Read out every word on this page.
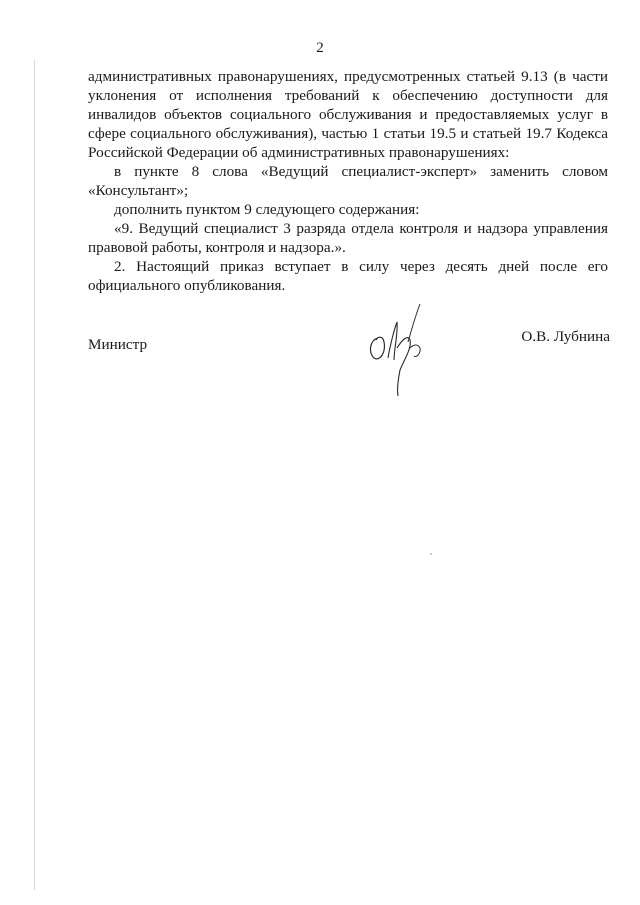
2

административных правонарушениях, предусмотренных статьей 9.13 (в части уклонения от исполнения требований к обеспечению доступности для инвалидов объектов социального обслуживания и предоставляемых услуг в сфере социального обслуживания), частью 1 статьи 19.5 и статьей 19.7 Кодекса Российской Федерации об административных правонарушениях:

в пункте 8 слова «Ведущий специалист-эксперт» заменить словом «Консультант»;

дополнить пунктом 9 следующего содержания:

«9. Ведущий специалист 3 разряда отдела контроля и надзора управления правовой работы, контроля и надзора.».

2. Настоящий приказ вступает в силу через десять дней после его официального опубликования.

Министр	О.В. Лубнина
